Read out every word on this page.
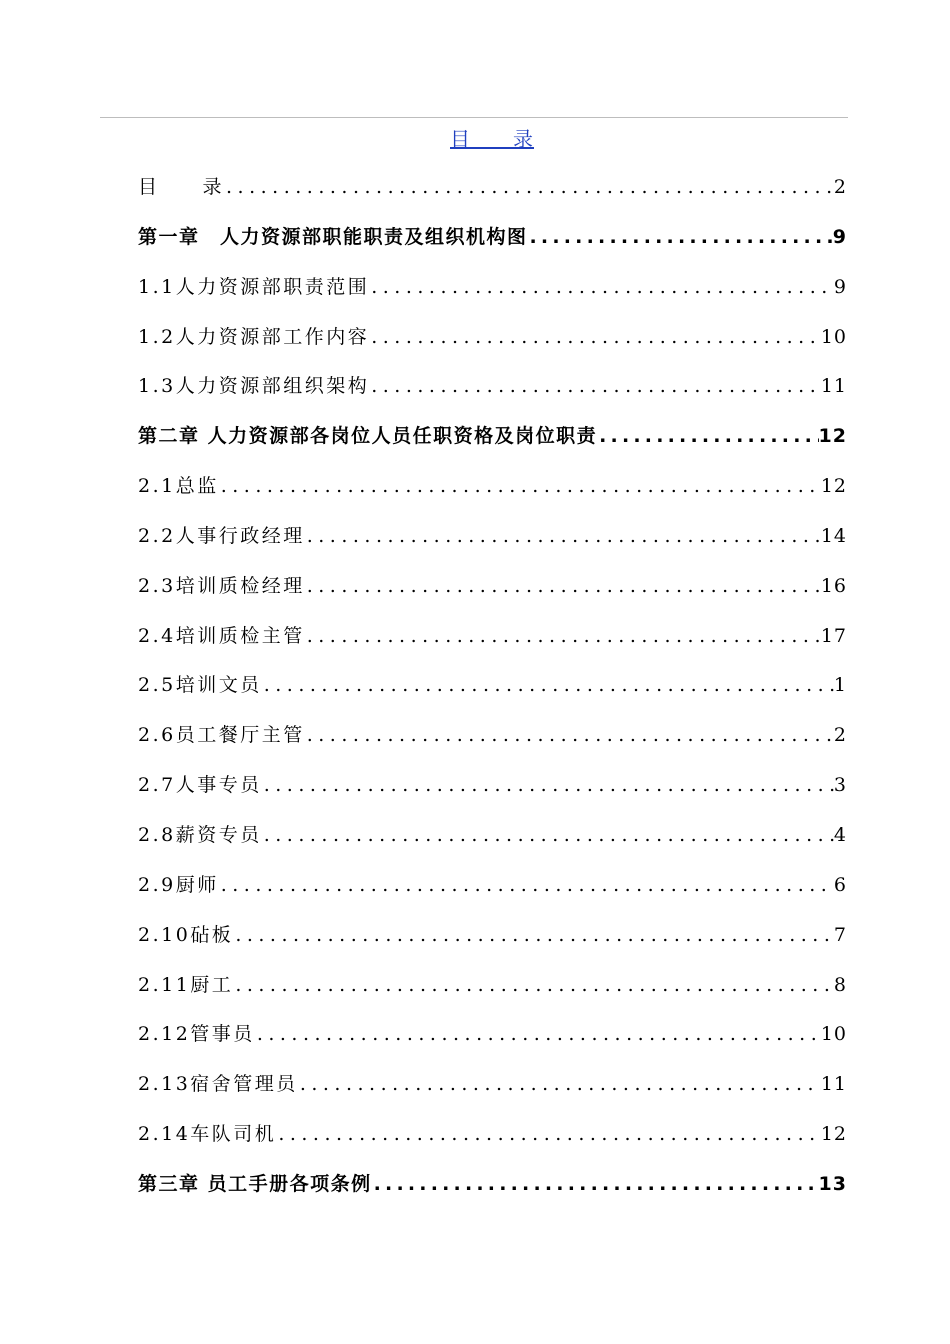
目　　录
目　　录 .....	2
第一章　人力资源部职能职责及组织机构图 .....	9
1.1人力资源部职责范围 .....	9
1.2人力资源部工作内容 .....	10
1.3人力资源部组织架构 .....	11
第二章 人力资源部各岗位人员任职资格及岗位职责 .....	12
2.1总监 .....	12
2.2人事行政经理 .....	14
2.3培训质检经理 .....	16
2.4培训质检主管 .....	17
2.5培训文员 .....	1
2.6员工餐厅主管 .....	2
2.7人事专员 .....	3
2.8薪资专员 .....	4
2.9厨师 .....	6
2.10砧板 .....	7
2.11厨工 .....	8
2.12管事员 .....	10
2.13宿舍管理员 .....	11
2.14车队司机 .....	12
第三章 员工手册各项条例 .....	13
